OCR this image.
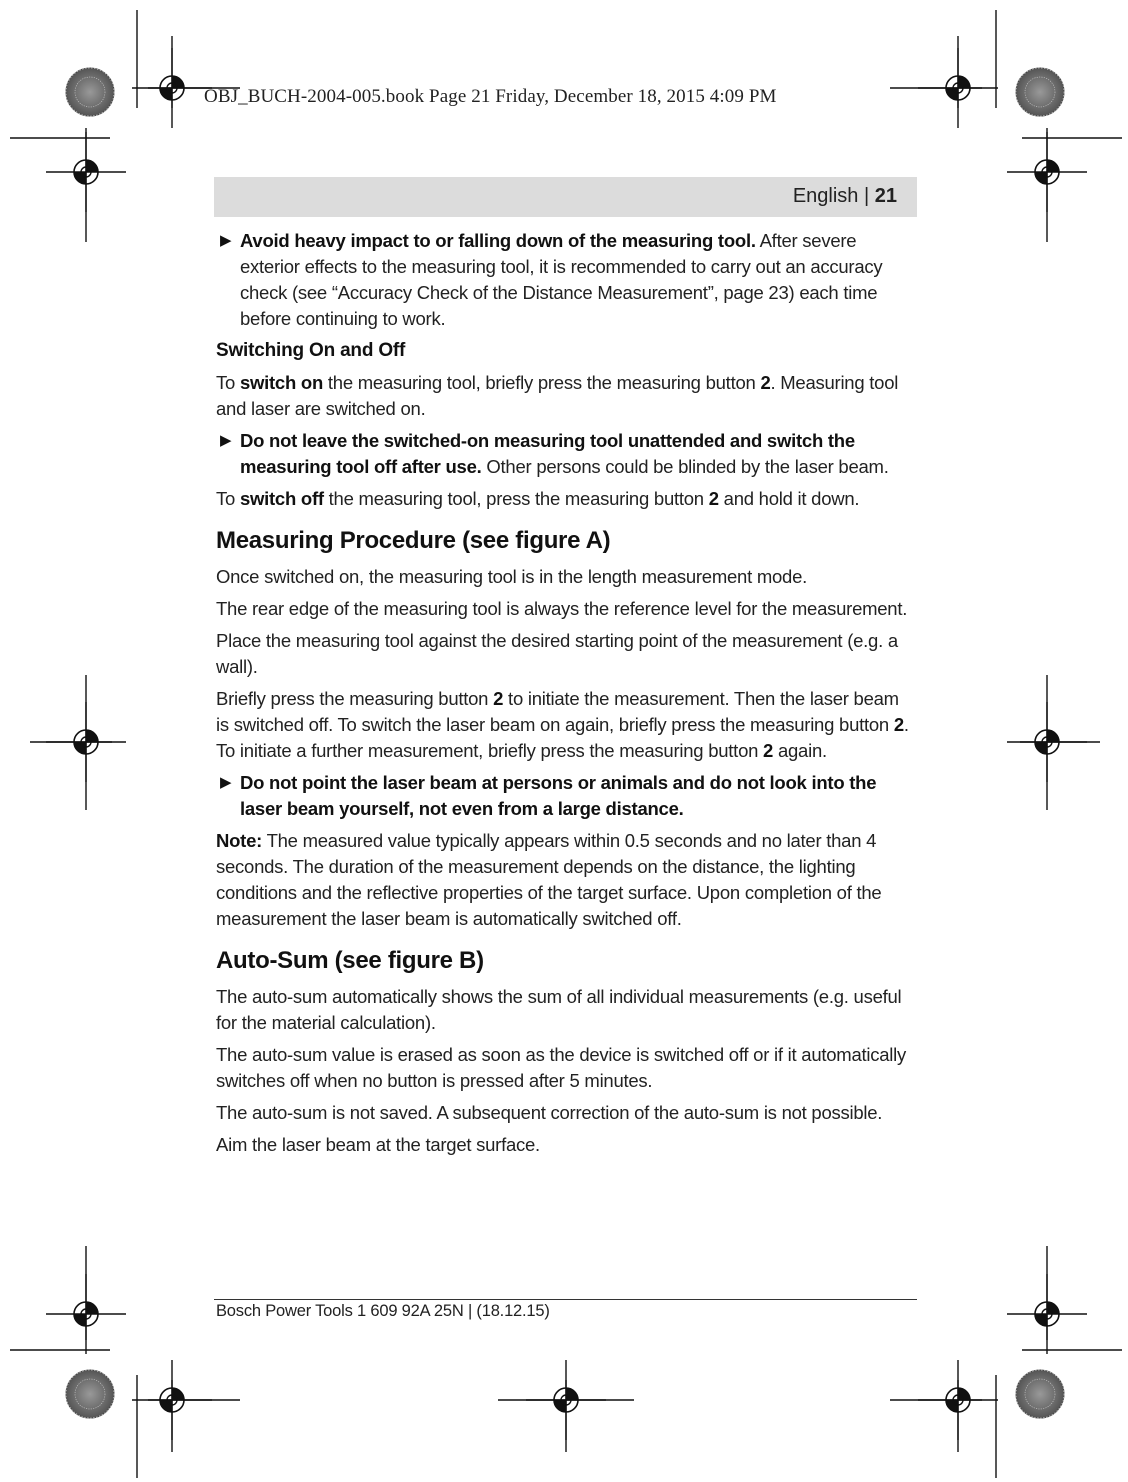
OBJ_BUCH-2004-005.book Page 21 Friday, December 18, 2015 4:09 PM
English | 21
▶ Avoid heavy impact to or falling down of the measuring tool. After severe exterior effects to the measuring tool, it is recommended to carry out an accuracy check (see “Accuracy Check of the Distance Measurement”, page 23) each time before continuing to work.
Switching On and Off

To switch on the measuring tool, briefly press the measuring button 2. Measuring tool and laser are switched on.

▶ Do not leave the switched-on measuring tool unattended and switch the measuring tool off after use. Other persons could be blinded by the laser beam.

To switch off the measuring tool, press the measuring button 2 and hold it down.

Measuring Procedure (see figure A)

Once switched on, the measuring tool is in the length measurement mode.

The rear edge of the measuring tool is always the reference level for the measurement.

Place the measuring tool against the desired starting point of the measurement (e.g. a wall).

Briefly press the measuring button 2 to initiate the measurement. Then the laser beam is switched off. To switch the laser beam on again, briefly press the measuring button 2. To initiate a further measurement, briefly press the measuring button 2 again.

▶ Do not point the laser beam at persons or animals and do not look into the laser beam yourself, not even from a large distance.

Note: The measured value typically appears within 0.5 seconds and no later than 4 seconds. The duration of the measurement depends on the distance, the lighting conditions and the reflective properties of the target surface. Upon completion of the measurement the laser beam is automatically switched off.

Auto-Sum (see figure B)

The auto-sum automatically shows the sum of all individual measurements (e.g. useful for the material calculation).

The auto-sum value is erased as soon as the device is switched off or if it automatically switches off when no button is pressed after 5 minutes.

The auto-sum is not saved. A subsequent correction of the auto-sum is not possible.

Aim the laser beam at the target surface.

Bosch Power Tools 1 609 92A 25N | (18.12.15)
